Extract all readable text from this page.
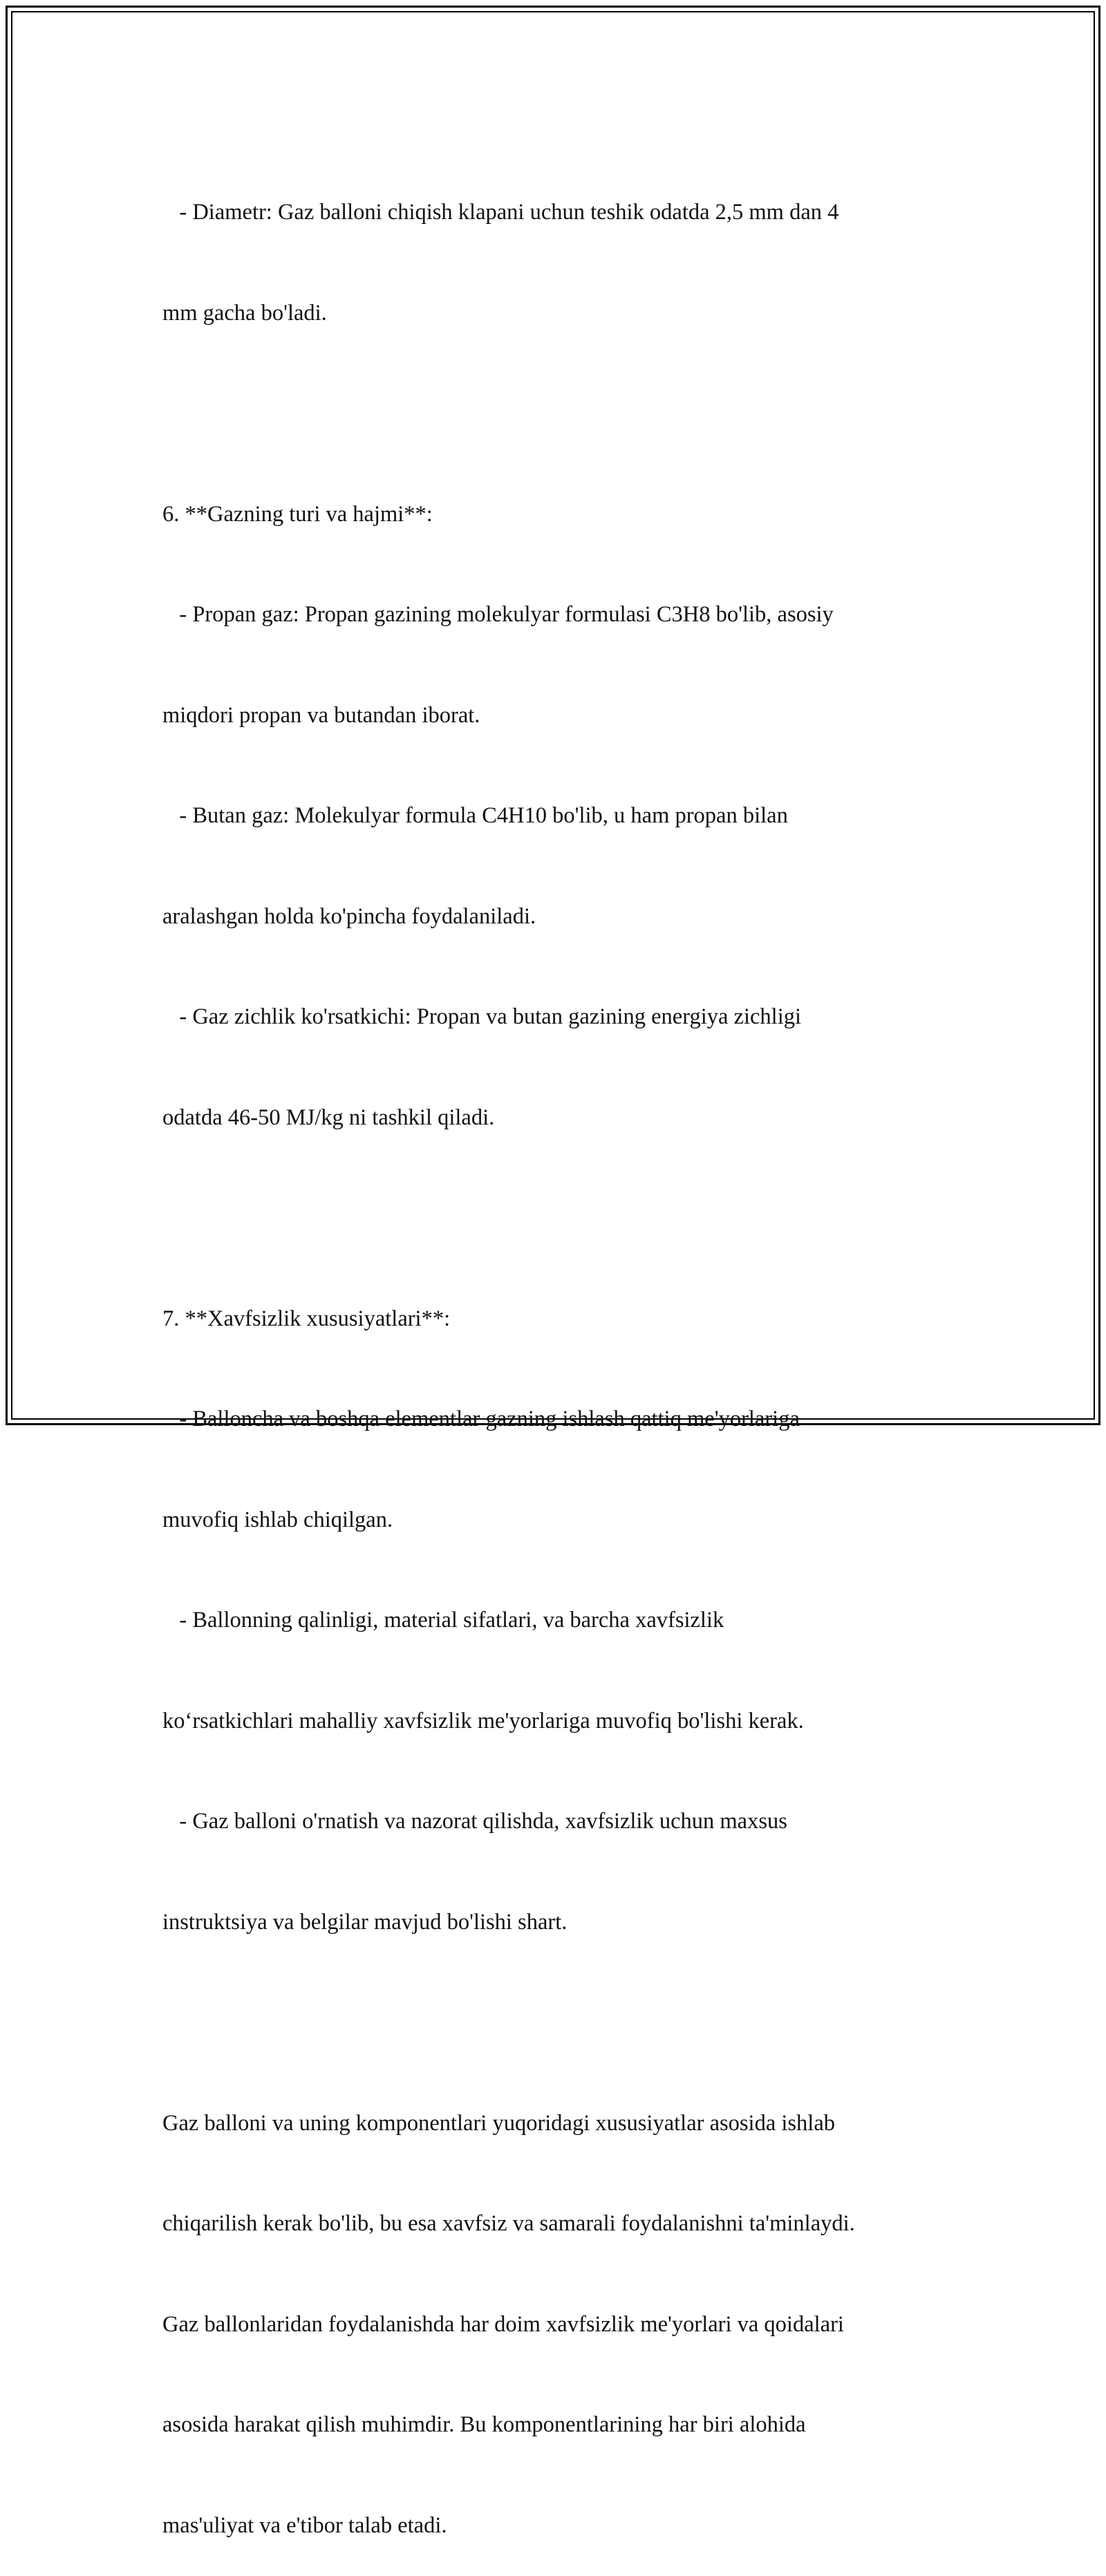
- Diametr: Gaz balloni chiqish klapani uchun teshik odatda 2,5 mm dan 4

mm gacha bo'ladi.

6. **Gazning turi va hajmi**:

- Propan gaz: Propan gazining molekulyar formulasi C3H8 bo'lib, asosiy

miqdori propan va butandan iborat.

- Butan gaz: Molekulyar formula C4H10 bo'lib, u ham propan bilan

aralashgan holda ko'pincha foydalaniladi.

- Gaz zichlik ko'rsatkichi: Propan va butan gazining energiya zichligi

odatda 46-50 MJ/kg ni tashkil qiladi.

7. **Xavfsizlik xususiyatlari**:

- Balloncha va boshqa elementlar gazning ishlash qattiq me'yorlariga

muvofiq ishlab chiqilgan.

- Ballonning qalinligi, material sifatlari, va barcha xavfsizlik

ko‘rsatkichlari mahalliy xavfsizlik me'yorlariga muvofiq bo'lishi kerak.

- Gaz balloni o'rnatish va nazorat qilishda, xavfsizlik uchun maxsus

instruktsiya va belgilar mavjud bo'lishi shart.

Gaz balloni va uning komponentlari yuqoridagi xususiyatlar asosida ishlab

chiqarilish kerak bo'lib, bu esa xavfsiz va samarali foydalanishni ta'minlaydi.

Gaz ballonlaridan foydalanishda har doim xavfsizlik me'yorlari va qoidalari

asosida harakat qilish muhimdir. Bu komponentlarining har biri alohida

mas'uliyat va e'tibor talab etadi.
